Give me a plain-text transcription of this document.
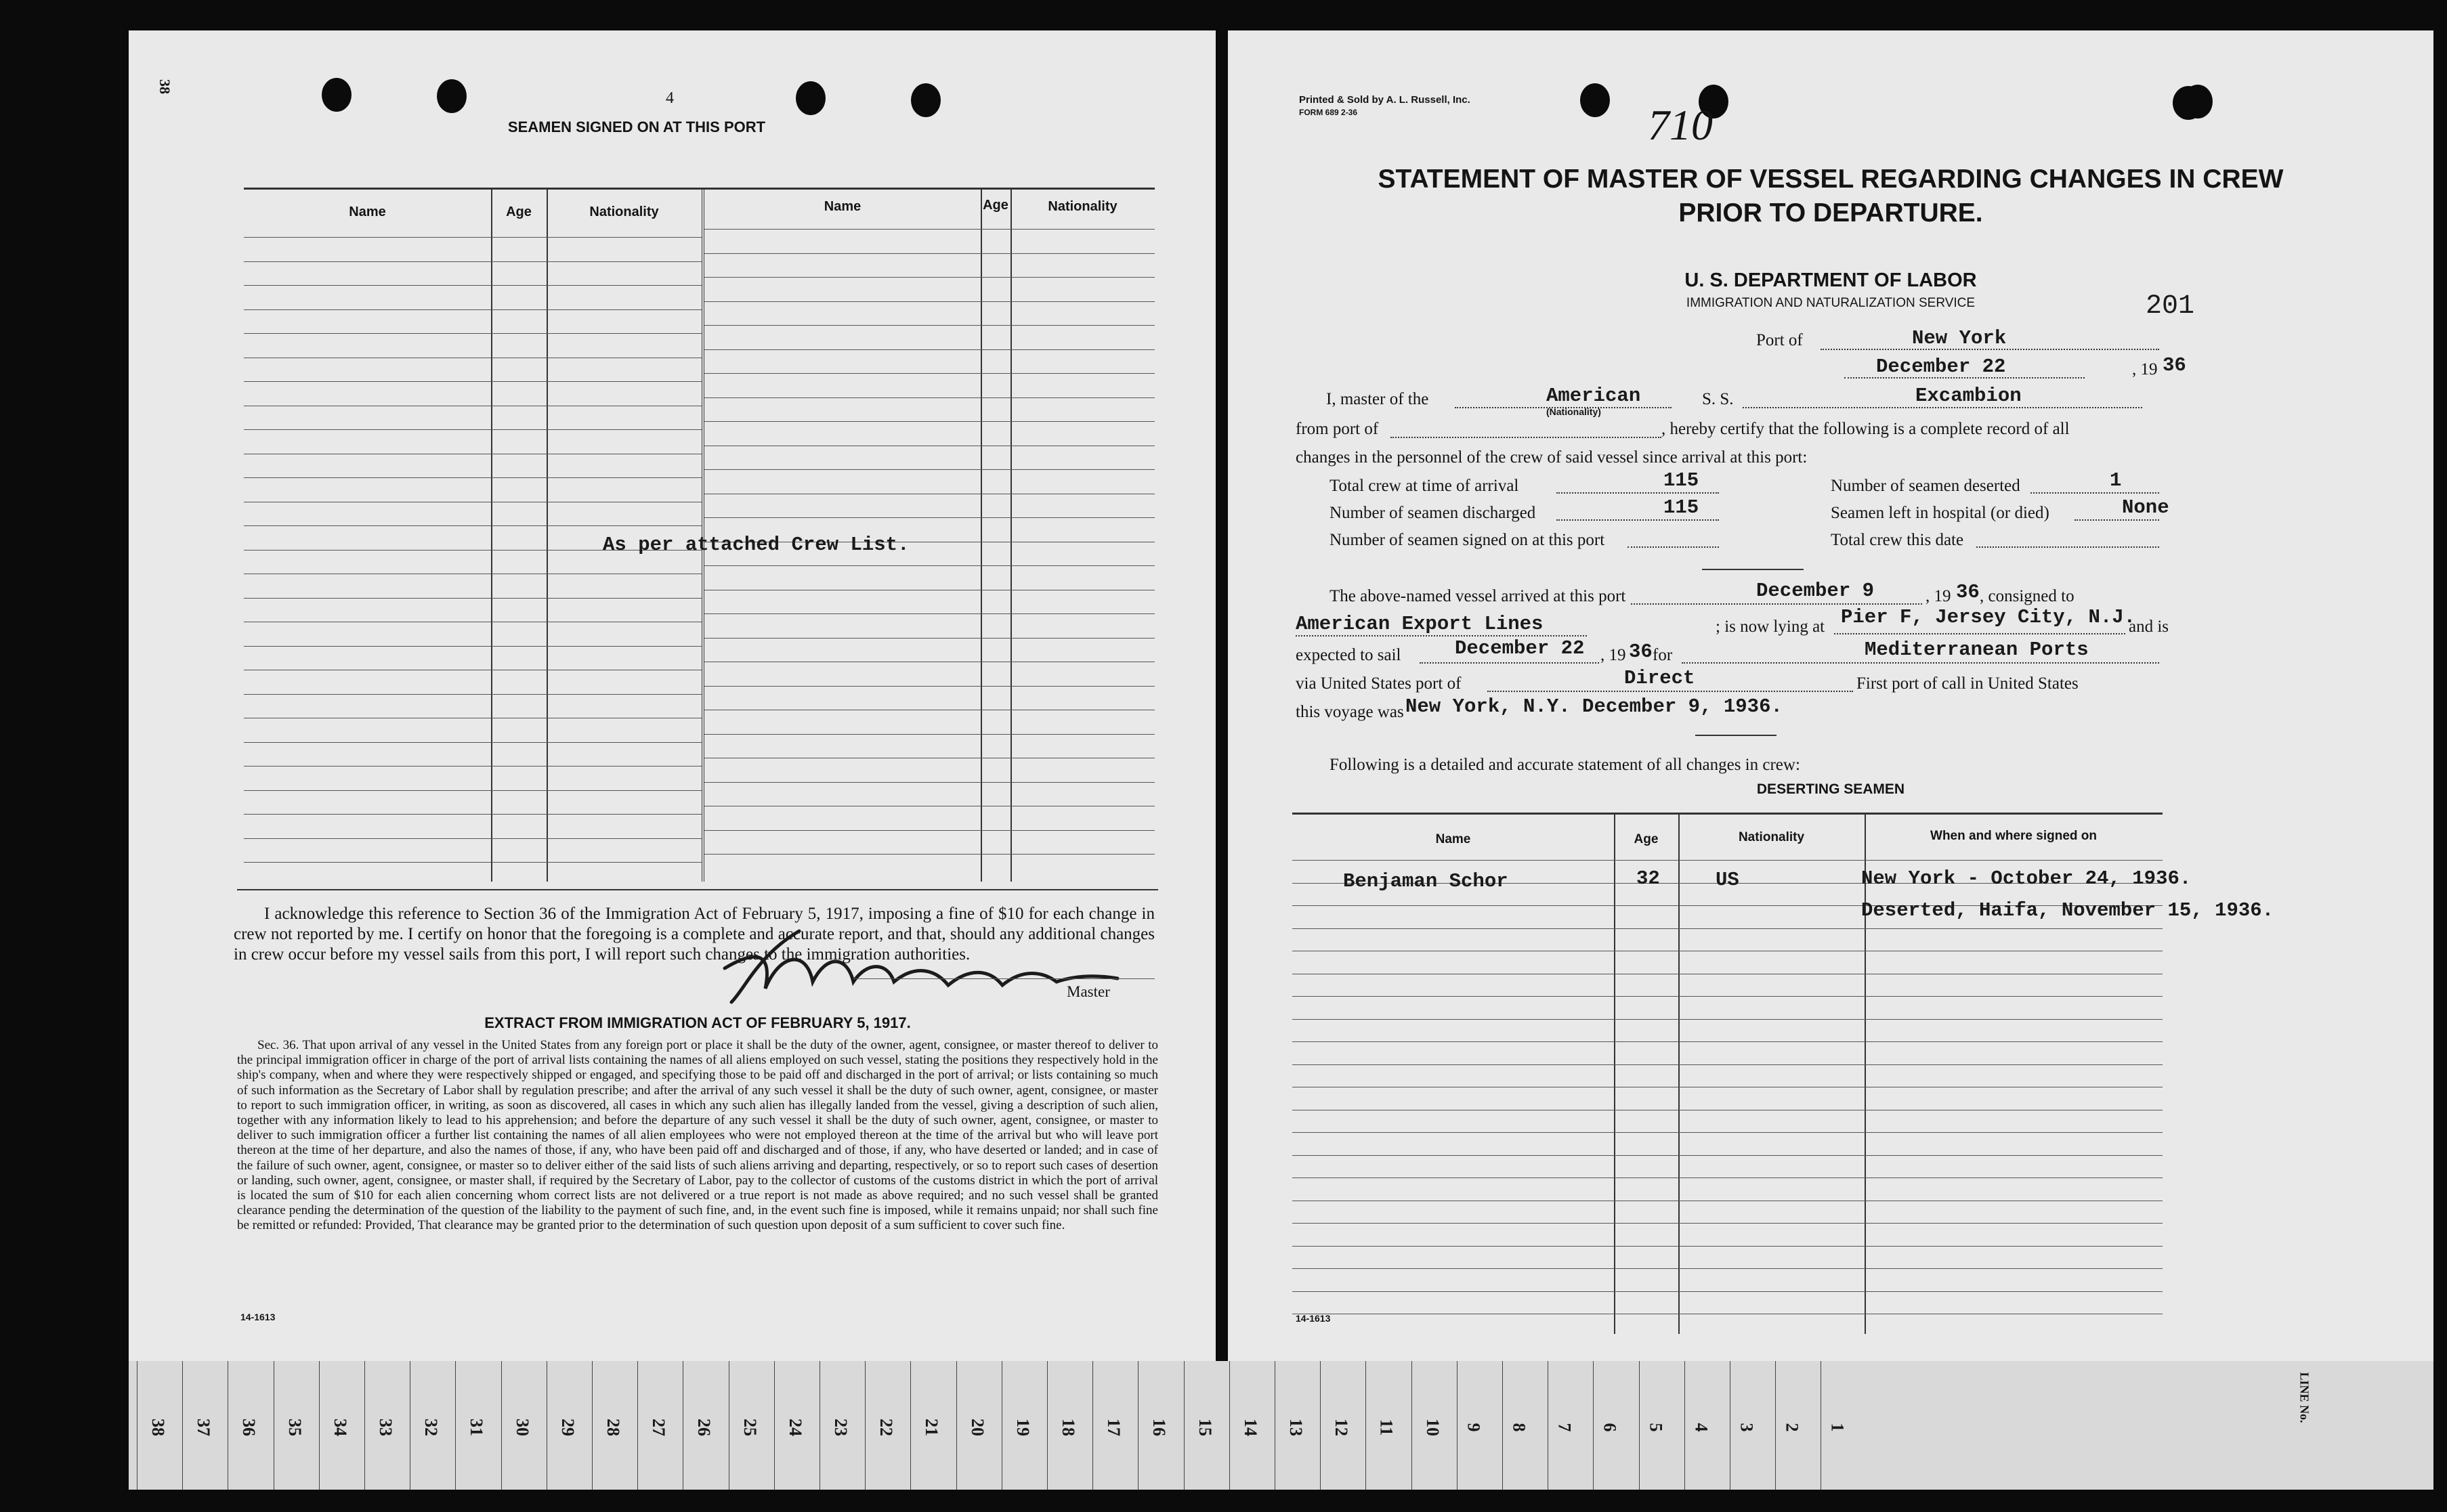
38
4
SEAMEN SIGNED ON AT THIS PORT
Name	Age	Nationality	Name	Age	Nationality
As per attached Crew List.
I acknowledge this reference to Section 36 of the Immigration Act of February 5, 1917, imposing a fine of $10 for each change in crew not reported by me. I certify on honor that the foregoing is a complete and accurate report, and that, should any additional changes in crew occur before my vessel sails from this port, I will report such changes to the immigration authorities.
Master
EXTRACT FROM IMMIGRATION ACT OF FEBRUARY 5, 1917.
Sec. 36. That upon arrival of any vessel in the United States from any foreign port or place it shall be the duty of the owner, agent, consignee, or master thereof to deliver to the principal immigration officer in charge of the port of arrival lists containing the names of all aliens employed on such vessel, stating the positions they respectively hold in the ship's company, when and where they were respectively shipped or engaged, and specifying those to be paid off and discharged in the port of arrival; or lists containing so much of such information as the Secretary of Labor shall by regulation prescribe; and after the arrival of any such vessel it shall be the duty of such owner, agent, consignee, or master to report to such immigration officer, in writing, as soon as discovered, all cases in which any such alien has illegally landed from the vessel, giving a description of such alien, together with any information likely to lead to his apprehension; and before the departure of any such vessel it shall be the duty of such owner, agent, consignee, or master to deliver to such immigration officer a further list containing the names of all alien employees who were not employed thereon at the time of the arrival but who will leave port thereon at the time of her departure, and also the names of those, if any, who have been paid off and discharged and of those, if any, who have deserted or landed; and in case of the failure of such owner, agent, consignee, or master so to deliver either of the said lists of such aliens arriving and departing, respectively, or so to report such cases of desertion or landing, such owner, agent, consignee, or master shall, if required by the Secretary of Labor, pay to the collector of customs of the customs district in which the port of arrival is located the sum of $10 for each alien concerning whom correct lists are not delivered or a true report is not made as above required; and no such vessel shall be granted clearance pending the determination of the question of the liability to the payment of such fine, and, in the event such fine is imposed, while it remains unpaid; nor shall such fine be remitted or refunded: Provided, That clearance may be granted prior to the determination of such question upon deposit of a sum sufficient to cover such fine.
14-1613
Printed & Sold by A. L. Russell, Inc.
FORM 689 2-36	710
STATEMENT OF MASTER OF VESSEL REGARDING CHANGES IN CREW
PRIOR TO DEPARTURE.
U. S. DEPARTMENT OF LABOR
IMMIGRATION AND NATURALIZATION SERVICE	201
Port of	New York
December 22	, 19 36
I, master of the	American
(Nationality)
S. S.	Excambion
from port of	, hereby certify that the following is a complete record of all
changes in the personnel of the crew of said vessel since arrival at this port:
Total crew at time of arrival	115
Number of seamen discharged	115
Number of seamen signed on at this port
Number of seamen deserted	1
Seamen left in hospital (or died)	None
Total crew this date
The above-named vessel arrived at this port	December 9	, 19 36 , consigned to
American Export Lines	; is now lying at Pier F, Jersey City, N.J.
and is
expected to sail	December 22 , 19 36 for	Mediterranean Ports
via United States port of	Direct	First port of call in United States
this voyage was New York, N.Y. December 9, 1936.
Following is a detailed and accurate statement of all changes in crew:
DESERTING SEAMEN
Name	Age	Nationality	When and where signed on
Benjaman Schor	32	US	New York - October 24, 1936.
Deserted, Haifa, November 15, 1936.
14-1613
38 37 36 35 34 33 32 31 30 29 28 27 26 25 24 23 22 21 20 19 18 17 16 15 14 13 12 11 10 9 8 7 6 5 4 3 2 1
LINE No.
